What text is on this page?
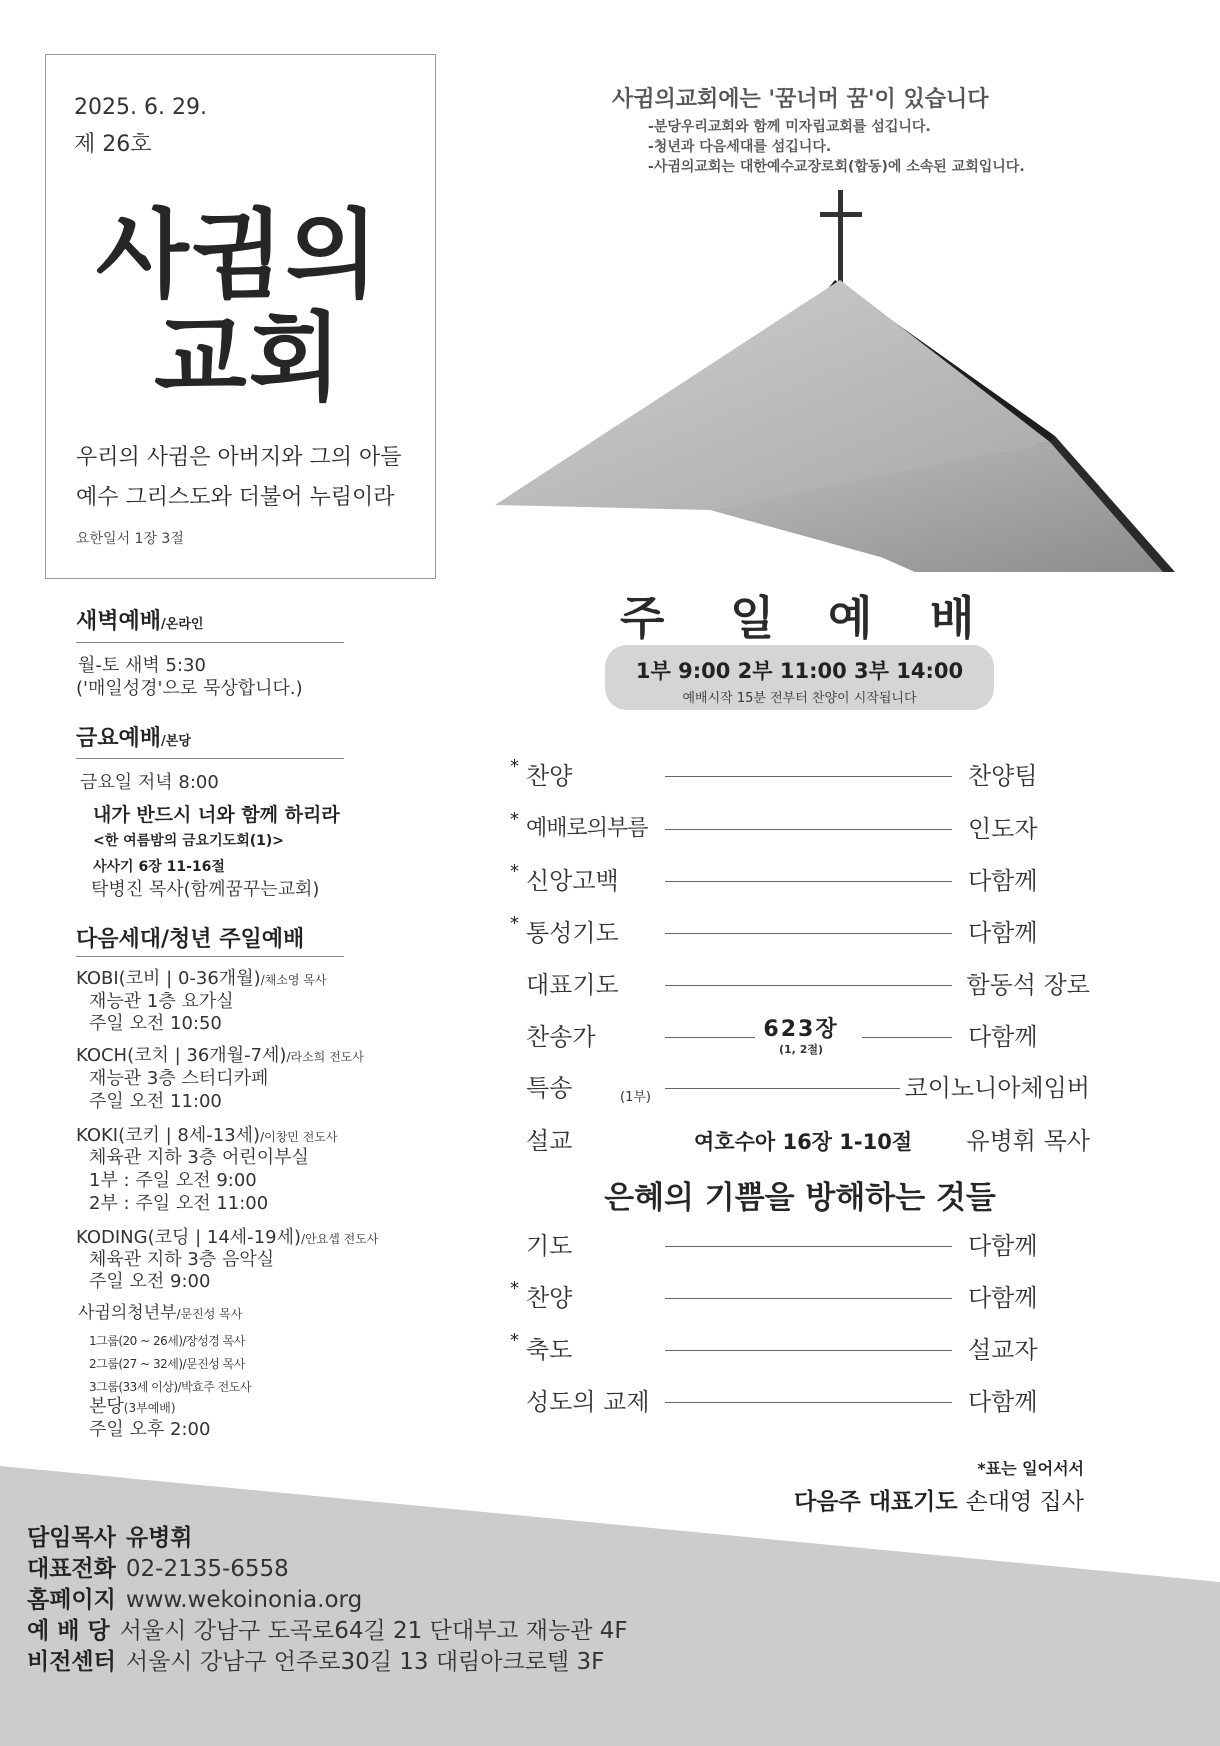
2025. 6. 29.
제 26호
사귐의
교회
우리의 사귐은 아버지와 그의 아들
예수 그리스도와 더불어 누림이라
요한일서 1장 3절
새벽예배/온라인
월-토 새벽 5:30
('매일성경'으로 묵상합니다.)
금요예배/본당
금요일 저녁 8:00
내가 반드시 너와 함께 하리라
<한 여름밤의 금요기도회(1)>
사사기 6장 11-16절
탁병진 목사(함께꿈꾸는교회)
다음세대/청년 주일예배
KOBI(코비 | 0-36개월)/채소영 목사
재능관 1층 요가실
주일 오전 10:50
KOCH(코치 | 36개월-7세)/라소희 전도사
재능관 3층 스터디카페
주일 오전 11:00
KOKI(코키 | 8세-13세)/이창민 전도사
체육관 지하 3층 어린이부실
1부 : 주일 오전 9:00
2부 : 주일 오전 11:00
KODING(코딩 | 14세-19세)/안요셉 전도사
체육관 지하 3층 음악실
주일 오전 9:00
사귐의청년부/문진성 목사
1그룹(20 ~ 26세)/장성경 목사
2그룹(27 ~ 32세)/문진성 목사
3그룹(33세 이상)/박효주 전도사
본당(3부예배)
주일 오후 2:00
사귐의교회에는 '꿈너머 꿈'이 있습니다
-분당우리교회와 함께 미자립교회를 섬깁니다.
-청년과 다음세대를 섬깁니다.
-사귐의교회는 대한예수교장로회(합동)에 소속된 교회입니다.
주 일 예 배
1부 9:00 2부 11:00 3부 14:00
예배시작 15분 전부터 찬양이 시작됩니다
* 찬양	찬양팀
* 예배로의부름	인도자
* 신앙고백	다함께
* 통성기도	다함께
대표기도	함동석 장로
찬송가	다함께
623장
(1, 2절)
특송	코이노니아체임버
(1부)
설교	유병휘 목사
여호수아 16장 1-10절
은혜의 기쁨을 방해하는 것들
기도	다함께
* 찬양	다함께
* 축도	설교자
성도의 교제	다함께
*표는 일어서서
다음주 대표기도 손대영 집사
담임목사 유병휘
대표전화 02-2135-6558
홈페이지 www.wekoinonia.org
예 배 당 서울시 강남구 도곡로64길 21 단대부고 재능관 4F
비전센터 서울시 강남구 언주로30길 13 대림아크로텔 3F
